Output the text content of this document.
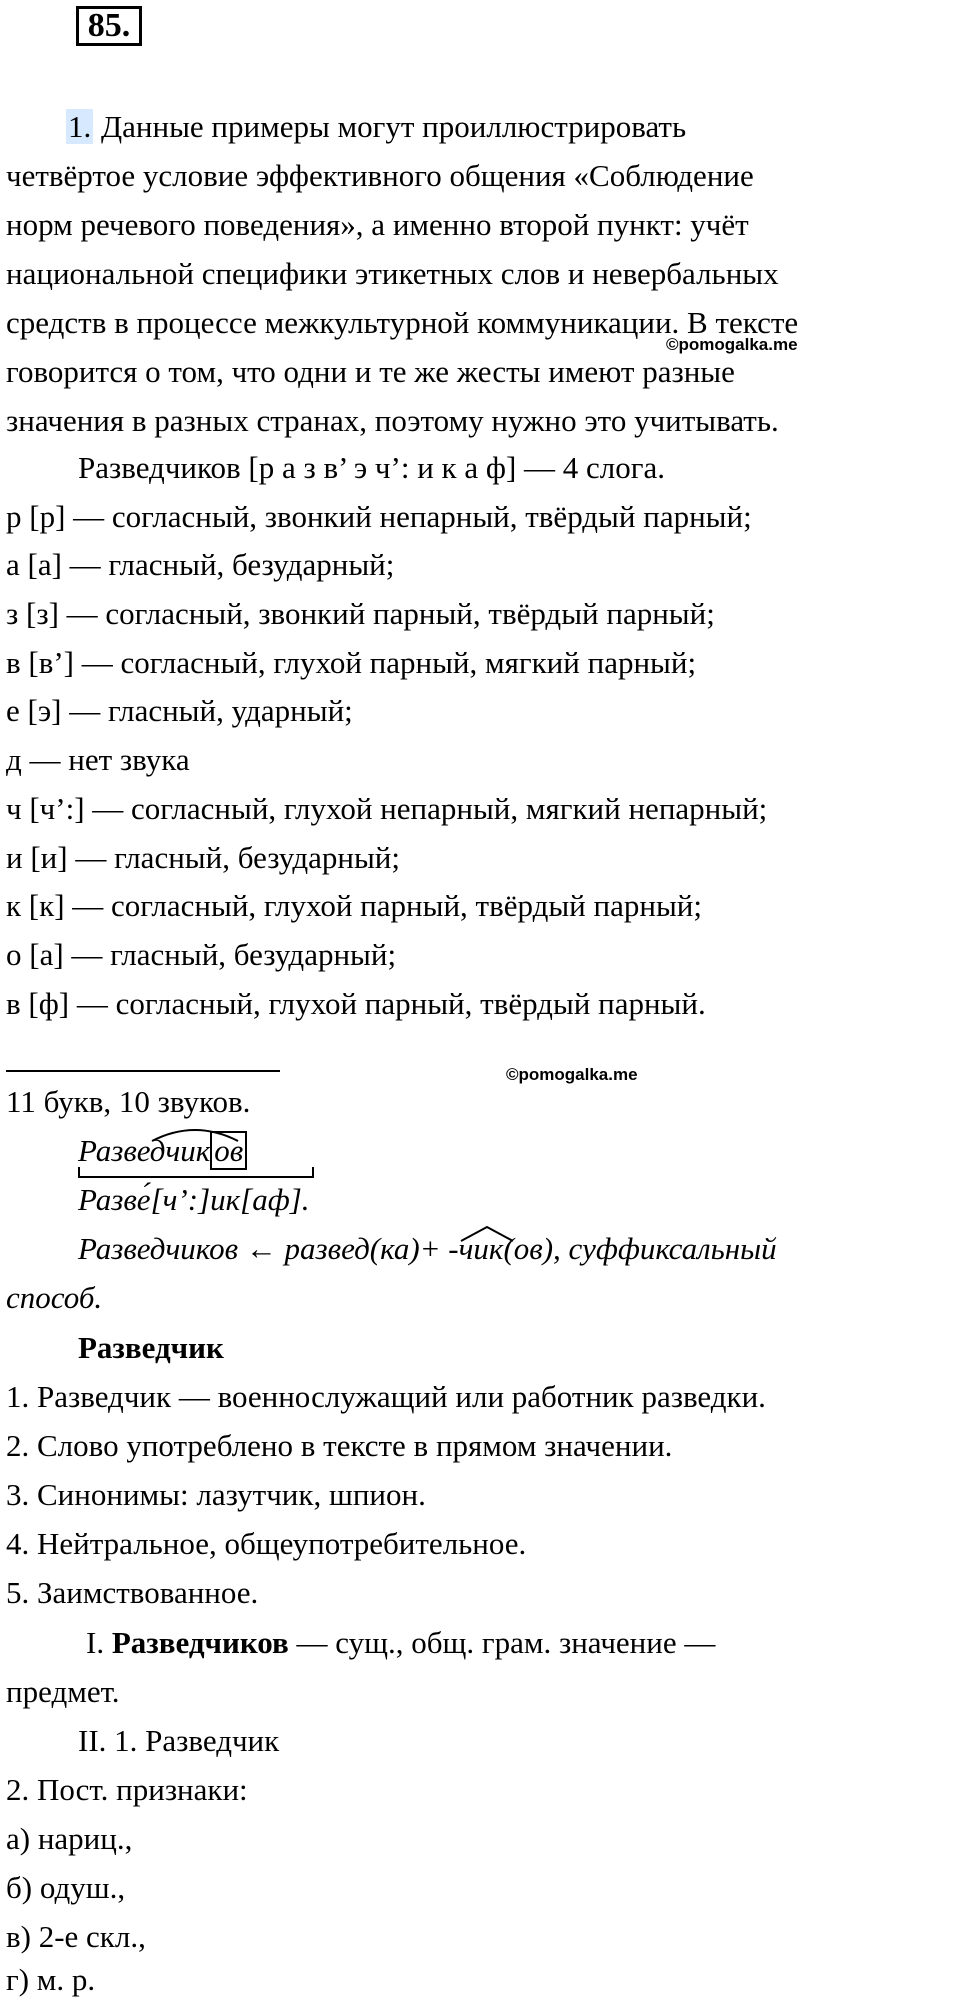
85.
1. Данные примеры могут проиллюстрировать
четвёртое условие эффективного общения «Соблюдение
норм речевого поведения», а именно второй пункт: учёт
национальной специфики этикетных слов и невербальных
средств в процессе межкультурной коммуникации. В тексте
говорится о том, что одни и те же жесты имеют разные
значения в разных странах, поэтому нужно это учитывать.
©pomogalka.me
Разведчиков [р а з в’ э ч’: и к а ф] — 4 слога.
р [р] — согласный, звонкий непарный, твёрдый парный;
а [а] — гласный, безударный;
з [з] — согласный, звонкий парный, твёрдый парный;
в [в’] — согласный, глухой парный, мягкий парный;
е [э] — гласный, ударный;
д — нет звука
ч [ч’:] — согласный, глухой непарный, мягкий непарный;
и [и] — гласный, безударный;
к [к] — согласный, глухой парный, твёрдый парный;
о [а] — гласный, безударный;
в [ф] — согласный, глухой парный, твёрдый парный.
©pomogalka.me
11 букв, 10 звуков.
Разведчик ов
Разве́[ч’:]ик[аф].
Разведчиков ← развед(ка)+ -
чик(ов), суффиксальный
способ.
Разведчик
1. Разведчик — военнослужащий или работник разведки.
2. Слово употреблено в тексте в прямом значении.
3. Синонимы: лазутчик, шпион.
4. Нейтральное, общеупотребительное.
5. Заимствованное.
I. Разведчиков — сущ., общ. грам. значение —
предмет.
II. 1. Разведчик
2. Пост. признаки:
а) нариц.,
б) одуш.,
в) 2-е скл.,
г) м. р.
